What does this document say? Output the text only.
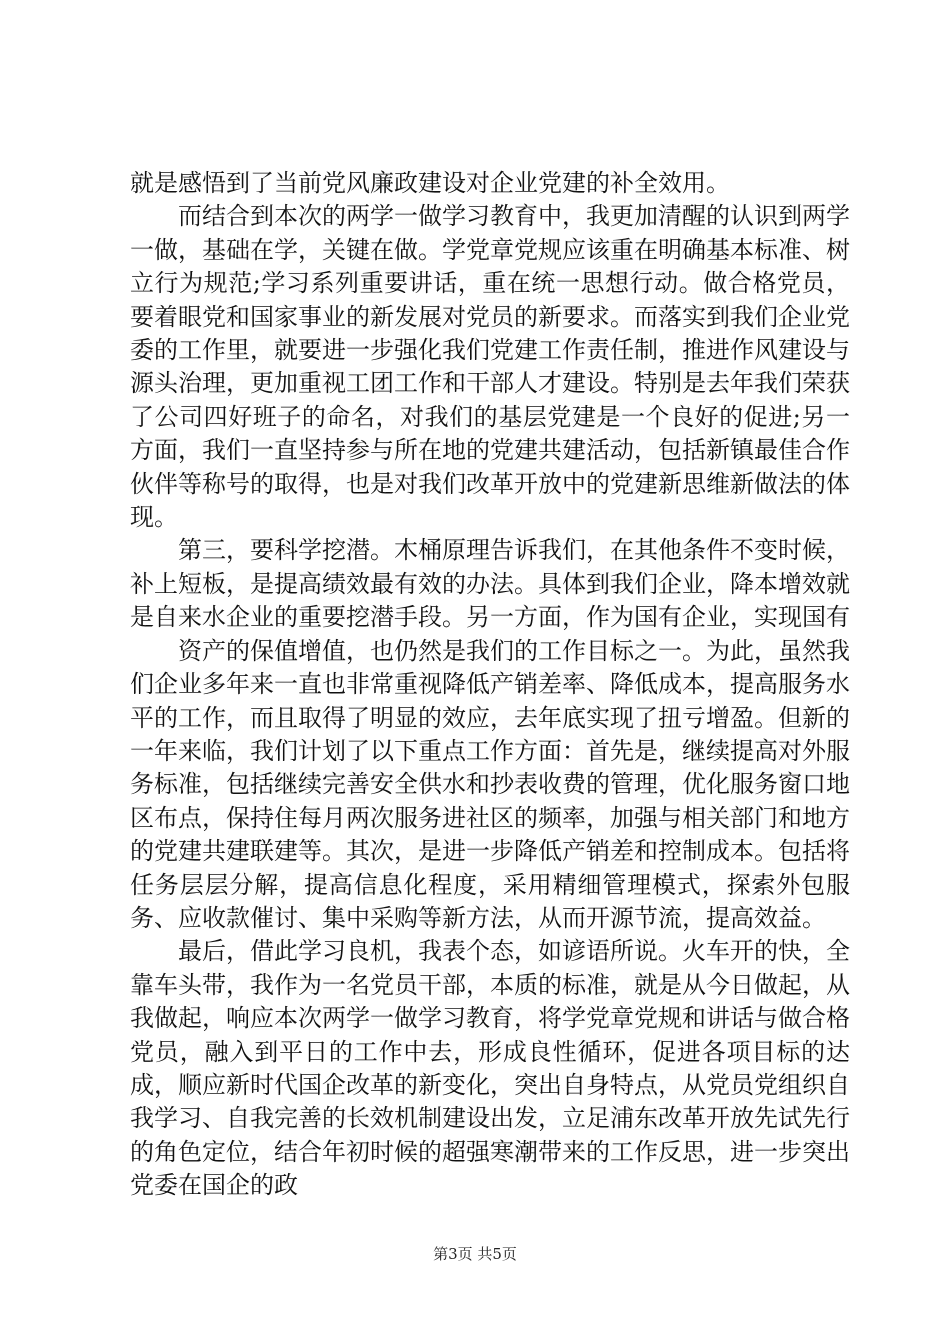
就是感悟到了当前党风廉政建设对企业党建的补全效用。

而结合到本次的两学一做学习教育中，我更加清醒的认识到两学一做，基础在学，关键在做。学党章党规应该重在明确基本标准、树立行为规范;学习系列重要讲话，重在统一思想行动。做合格党员，要着眼党和国家事业的新发展对党员的新要求。而落实到我们企业党委的工作里，就要进一步强化我们党建工作责任制，推进作风建设与源头治理，更加重视工团工作和干部人才建设。特别是去年我们荣获了公司四好班子的命名，对我们的基层党建是一个良好的促进;另一方面，我们一直坚持参与所在地的党建共建活动，包括新镇最佳合作伙伴等称号的取得，也是对我们改革开放中的党建新思维新做法的体现。

第三，要科学挖潜。木桶原理告诉我们，在其他条件不变时候，补上短板，是提高绩效最有效的办法。具体到我们企业，降本增效就是自来水企业的重要挖潜手段。另一方面，作为国有企业，实现国有

资产的保值增值，也仍然是我们的工作目标之一。为此，虽然我们企业多年来一直也非常重视降低产销差率、降低成本，提高服务水平的工作，而且取得了明显的效应，去年底实现了扭亏增盈。但新的一年来临，我们计划了以下重点工作方面：首先是，继续提高对外服务标准，包括继续完善安全供水和抄表收费的管理，优化服务窗口地区布点，保持住每月两次服务进社区的频率，加强与相关部门和地方的党建共建联建等。其次，是进一步降低产销差和控制成本。包括将任务层层分解，提高信息化程度，采用精细管理模式，探索外包服务、应收款催讨、集中采购等新方法，从而开源节流，提高效益。

最后，借此学习良机，我表个态，如谚语所说。火车开的快，全靠车头带，我作为一名党员干部，本质的标准，就是从今日做起，从我做起，响应本次两学一做学习教育，将学党章党规和讲话与做合格党员，融入到平日的工作中去，形成良性循环，促进各项目标的达成，顺应新时代国企改革的新变化，突出自身特点，从党员党组织自我学习、自我完善的长效机制建设出发，立足浦东改革开放先试先行的角色定位，结合年初时候的超强寒潮带来的工作反思，进一步突出党委在国企的政

第3页 共5页
